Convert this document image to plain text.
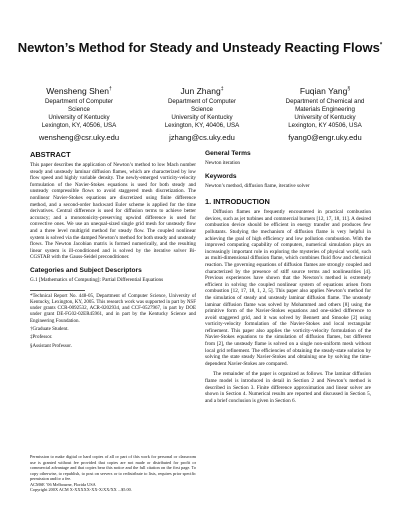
Newton’s Method for Steady and Unsteady Reacting Flows*
Wensheng Shen†
Department of Computer
Science
University of Kentucky
Lexington, KY, 40506, USA
wensheng@csr.uky.edu
Jun Zhang‡
Department of Computer
Science
University of Kentucky
Lexington, KY, 40406, USA
jzhang@cs.uky.edu
Fuqian Yang§
Department of Chemical and
Materials Engineering
University of Kentucky
Lexington, KY 40506, USA
fyang0@engr.uky.edu
ABSTRACT
This paper describes the application of Newton’s method to low Mach number steady and unsteady laminar diffusion flames, which are characterized by low flow speed and highly variable density. The newly-emerged vorticity-velocity formulation of the Navier-Stokes equations is used for both steady and unsteady compressible flows to avoid staggered mesh discretization. The nonlinear Navier-Stokes equations are discretized using finite difference method, and a second-order backward Euler scheme is applied for the time derivatives. Central difference is used for diffusion terms to achieve better accuracy; and a monotonicity-preserving upwind difference is used for convective ones. We use an unequal-sized single grid mesh for unsteady flow and a three level multigrid method for steady flow. The coupled nonlinear system is solved via the damped Newton’s method for both steady and unsteady flows. The Newton Jacobian matrix is formed numerically, and the resulting linear system is ill-conditioned and is solved by the iterative solver Bi-CGSTAB with the Gauss-Seidel preconditioner.
Categories and Subject Descriptors
G.1 [Mathematics of Computing]: Partial Differential Equations
*Technical Report No. 448-05, Department of Computer Science, University of Kentucky, Lexington, KY, 2005. This research work was supported in part by NSF under grants CCR-0092532, ACR-0202934, and CCF-0527967, in part by DOE under grant DE-FG02-02ER45961, and in part by the Kentucky Science and Engineering Foundation.
†Graduate Student.
‡Professor.
§Assistant Professor.
Permission to make digital or hard copies of all or part of this work for personal or classroom use is granted without fee provided that copies are not made or distributed for profit or commercial advantage and that copies bear this notice and the full citation on the first page. To copy otherwise, to republish, to post on servers or to redistribute to lists, requires prior specific permission and/or a fee.
ACMSE ’06 Melbourne, Florida USA
Copyright 200X ACM X-XXXXX-XX-X/XX/XX ...$5.00.
General Terms
Newton iteration
Keywords
Newton’s method, diffusion flame, iterative solver
1. INTRODUCTION
Diffusion flames are frequently encountered in practical combustion devices, such as jet turbines and commercial burners [12, 17, 18, 11]. A desired combustion device should be efficient in energy transfer and produces few pollutants. Studying the mechanism of diffusion flame is very helpful in achieving the goal of high efficiency and low pollution combustion. With the improved computing capability of computers, numerical simulation plays an increasingly important role in exploring the mysteries of physical world, such as multi-dimensional diffusion flame, which combines fluid flow and chemical reaction. The governing equations of diffusion flames are strongly coupled and characterized by the presence of stiff source terms and nonlinearities [4]. Previous experiences have shown that the Newton’s method is extremely efficient in solving the coupled nonlinear system of equations arisen from combustion [12, 17, 18, 1, 2, 5]. This paper also applies Newton’s method for the simulation of steady and unsteady laminar diffusion flame. The unsteady laminar diffusion flame was solved by Mohammed and others [8] using the primitive form of the Navier-Stokes equations and one-sided difference to avoid staggered grid, and it was solved by Bennett and Smooke [2] using vorticity-velocity formulation of the Navier-Stokes and local rectangular refinement. This paper also applies the vorticity-velocity formulation of the Navier-Stokes equations to the simulation of diffusion flames, but different from [2], the unsteady flame is solved on a single non-uniform mesh without local grid refinement. The efficiencies of obtaining the steady-state solution by solving the state steady Navier-Stokes and obtaining one by solving the time-dependent Navier-Stokes are compared.
The remainder of the paper is organized as follows. The laminar diffusion flame model is introduced in detail in Section 2 and Newton’s method is described in Section 3. Finite difference approximation and linear solver are shown in Section 4. Numerical results are reported and discussed in Section 5, and a brief conclusion is given in Section 6.
